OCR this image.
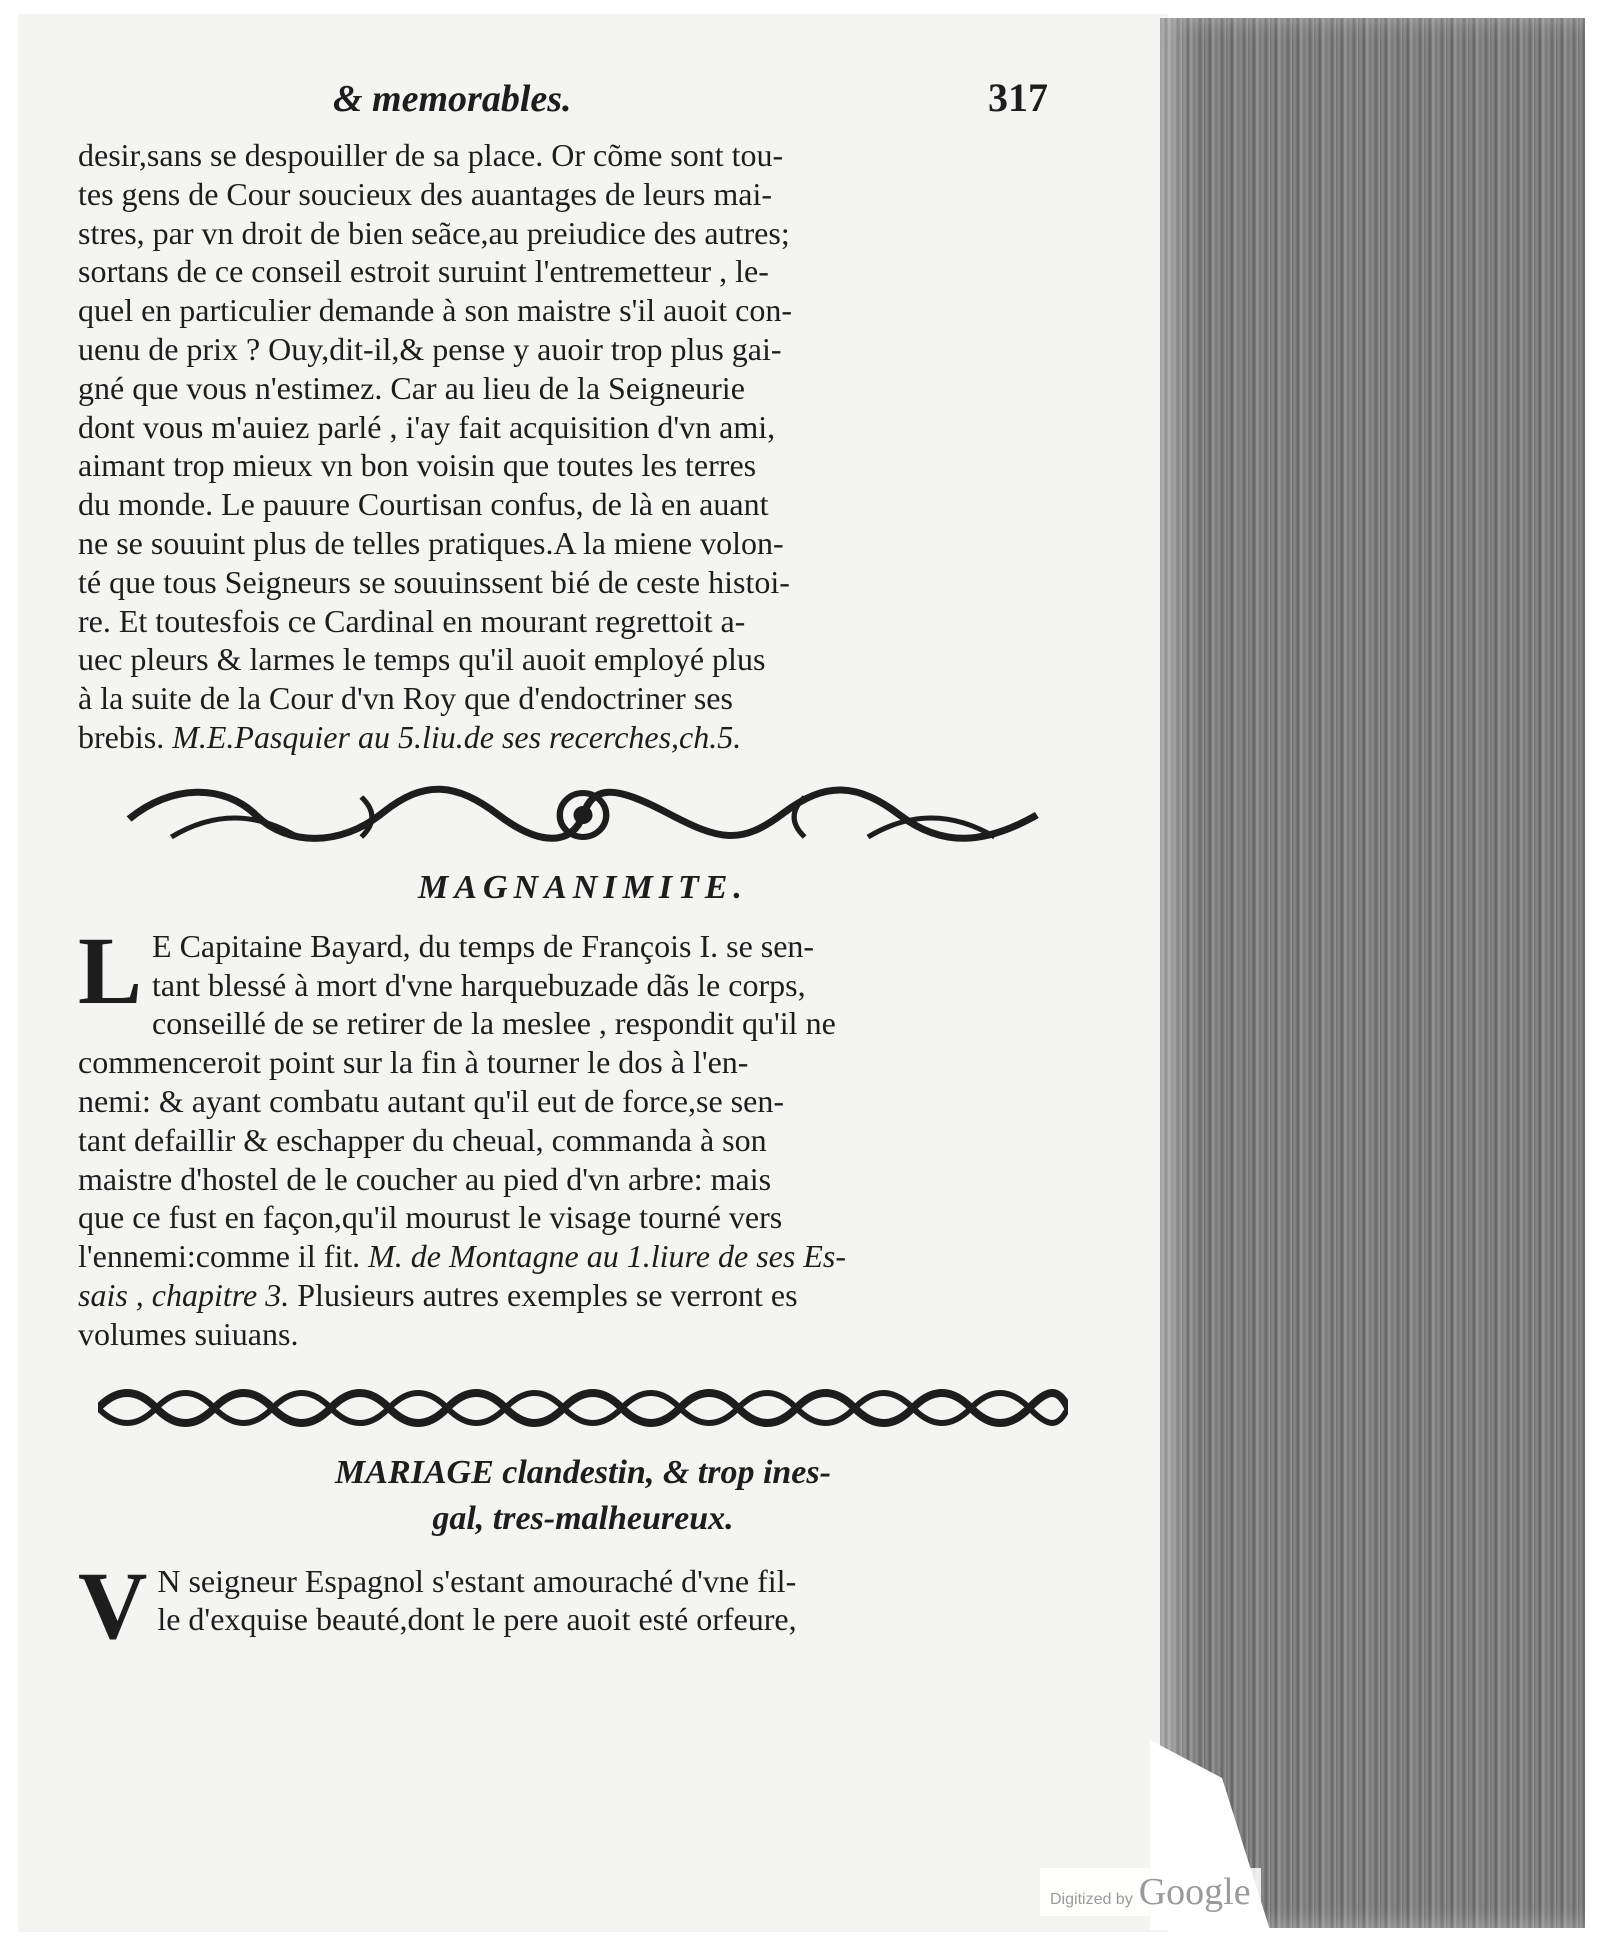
& memorables.	317

desir,sans se despouiller de sa place. Or cõme sont tou-
tes gens de Cour soucieux des auantages de leurs mai-
stres, par vn droit de bien seãce,au preiudice des autres;
sortans de ce conseil estroit suruint l'entremetteur , le-
quel en particulier demande à son maistre s'il auoit con-
uenu de prix ? Ouy,dit-il,& pense y auoir trop plus gai-
gné que vous n'estimez. Car au lieu de la Seigneurie
dont vous m'auiez parlé , i'ay fait acquisition d'vn ami,
aimant trop mieux vn bon voisin que toutes les terres
du monde. Le pauure Courtisan confus, de là en auant
ne se souuint plus de telles pratiques.A la miene volon-
té que tous Seigneurs se souuinssent bié de ceste histoi-
re. Et toutesfois ce Cardinal en mourant regrettoit a-
uec pleurs & larmes le temps qu'il auoit employé plus
à la suite de la Cour d'vn Roy que d'endoctriner ses
brebis. M.E.Pasquier au 5.liu.de ses recerches,ch.5.

MAGNANIMITE.

L E Capitaine Bayard, du temps de François I. se sen-
tant blessé à mort d'vne harquebuzade dãs le corps,
conseillé de se retirer de la meslee , respondit qu'il ne
commenceroit point sur la fin à tourner le dos à l'en-
nemi: & ayant combatu autant qu'il eut de force,se sen-
tant defaillir & eschapper du cheual, commanda à son
maistre d'hostel de le coucher au pied d'vn arbre: mais
que ce fust en façon,qu'il mourust le visage tourné vers
l'ennemi:comme il fit. M. de Montagne au 1.liure de ses Es-
sais , chapitre 3. Plusieurs autres exemples se verront es
volumes suiuans.

MARIAGE clandestin, & trop ines-
gal, tres-malheureux.

V N seigneur Espagnol s'estant amouraché d'vne fil-
le d'exquise beauté,dont le pere auoit esté orfeure,

Digitized by Google
